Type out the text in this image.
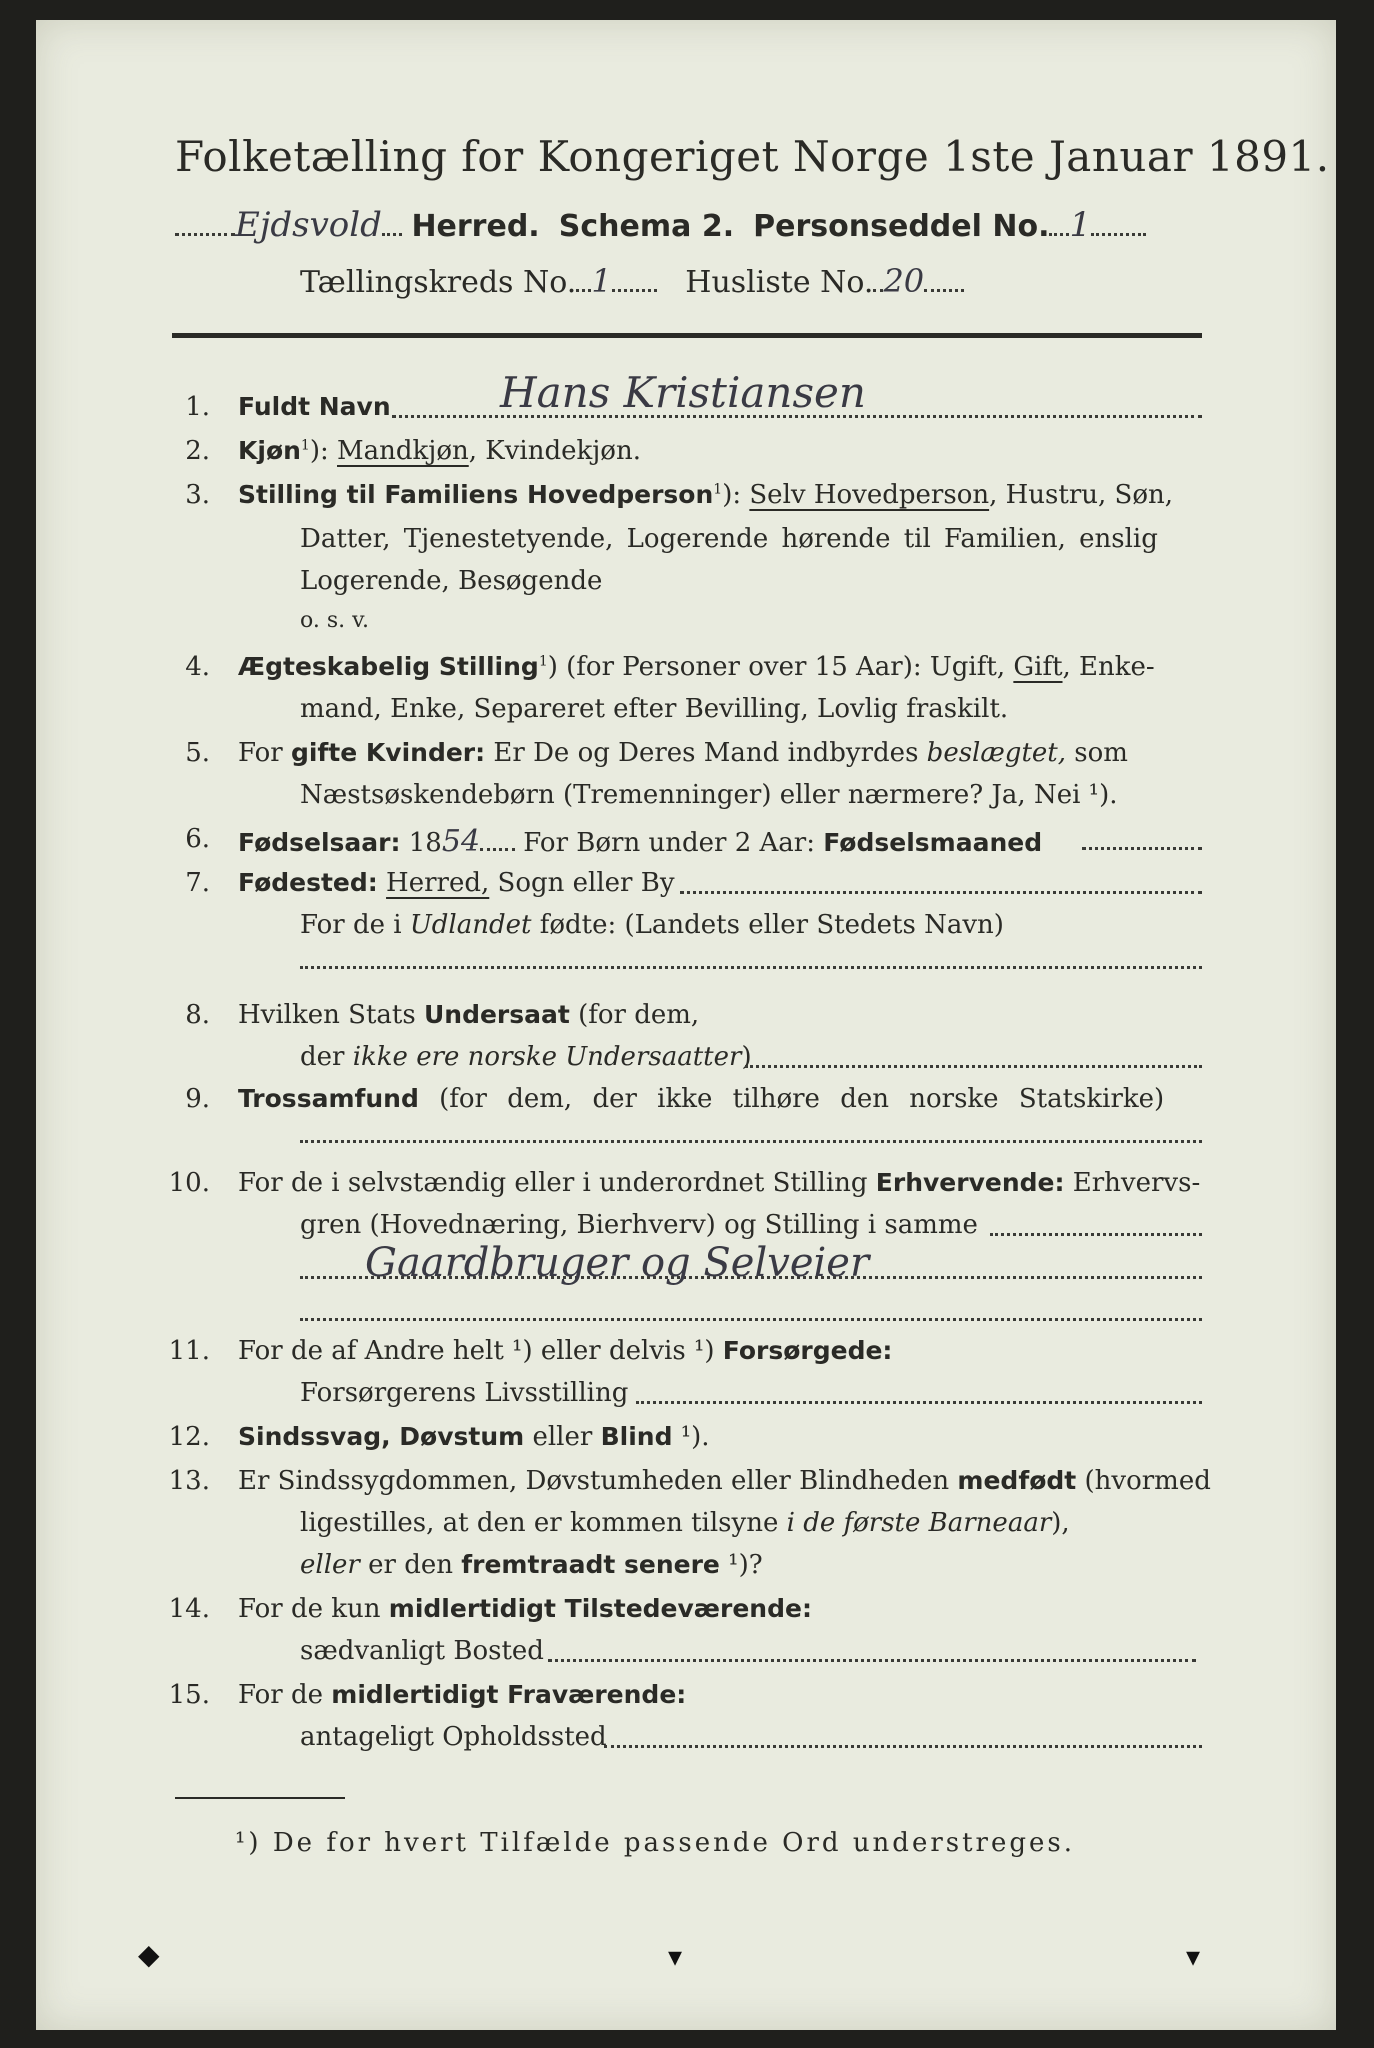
Folketælling for Kongeriget Norge 1ste Januar 1891.
Ejdsvold Herred. Schema 2. Personseddel No. 1
Tællingskreds No. 1 Husliste No. 20
1. Fuldt Navn	Hans Kristiansen
2. Kjøn$^1$): Mandkjøn, Kvindekjøn.
3. Stilling til Familiens Hovedperson$^1$): Selv Hovedperson, Hustru, Søn,
Datter, Tjenestetyende, Logerende hørende til Familien, enslig
Logerende, Besøgende
o. s. v.
4. Ægteskabelig Stilling$^1$) (for Personer over 15 Aar): Ugift, Gift, Enke-
mand, Enke, Separeret efter Bevilling, Lovlig fraskilt.
5. For gifte Kvinder: Er De og Deres Mand indbyrdes beslægtet, som
Næstsøskendebørn (Tremenninger) eller nærmere? Ja, Nei ¹).
6. Fødselsaar: 1854 For Børn under 2 Aar: Fødselsmaaned
7. Fødested: Herred, Sogn eller By
For de i Udlandet fødte: (Landets eller Stedets Navn)
8. Hvilken Stats Undersaat (for dem,
der ikke ere norske Undersaatter)
9. Trossamfund (for dem, der ikke tilhøre den norske Statskirke)
10. For de i selvstændig eller i underordnet Stilling Erhvervende: Erhvervs-
gren (Hovednæring, Bierhverv) og Stilling i samme
Gaardbruger og Selveier
11. For de af Andre helt ¹) eller delvis ¹) Forsørgede:
Forsørgerens Livsstilling
12. Sindssvag, Døvstum eller Blind ¹).
13. Er Sindssygdommen, Døvstumheden eller Blindheden medfødt (hvormed
ligestilles, at den er kommen tilsyne i de første Barneaar),
eller er den fremtraadt senere ¹)?
14. For de kun midlertidigt Tilstedeværende:
sædvanligt Bosted
15. For de midlertidigt Fraværende:
antageligt Opholdssted
¹) De for hvert Tilfælde passende Ord understreges.
◆	▾	▾
